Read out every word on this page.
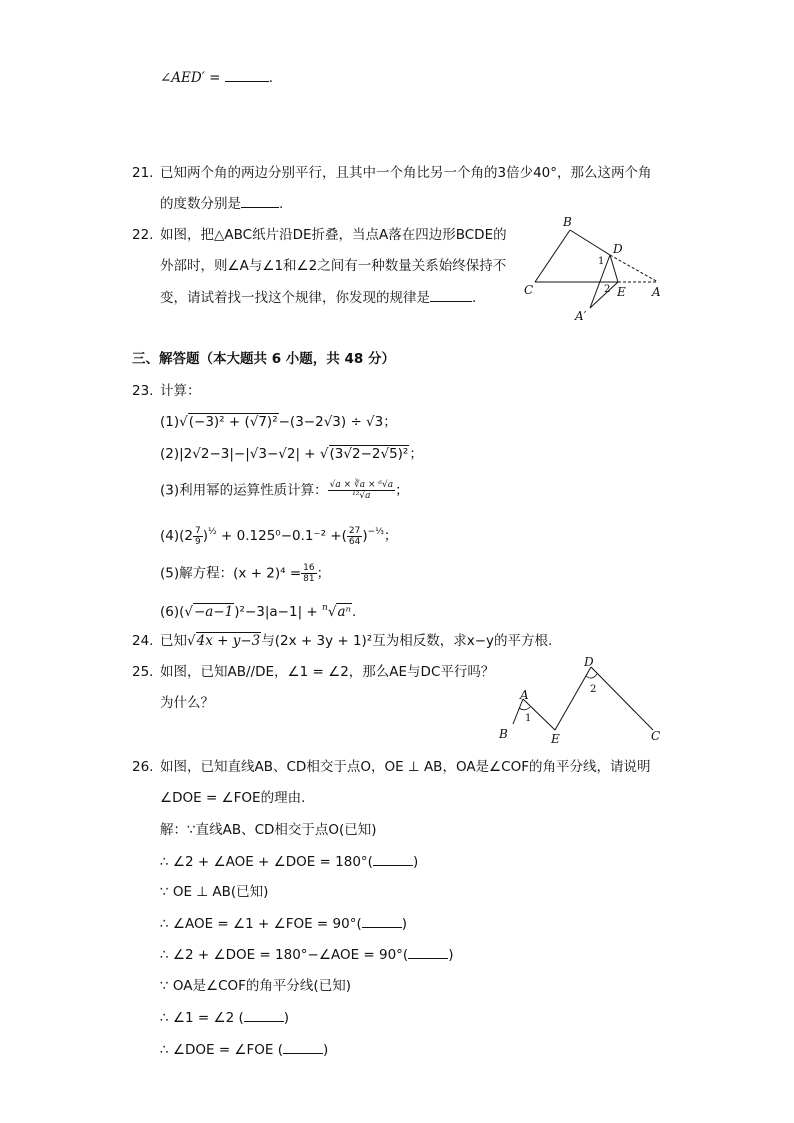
∠AED′ =	.
21. 已知两个角的两边分别平行，且其中一个角比另一个角的3倍少40°，那么这两个角
的度数分别是	.
22. 如图，把△ABC纸片沿DE折叠，当点A落在四边形BCDE的
外部时，则∠A与∠1和∠2之间有一种数量关系始终保持不
变，请试着找一找这个规律，你发现的规律是	.
B
C
D
E A
A′
1
2
三、解答题（本大题共 6 小题，共 48 分）
23. 计算：
(1)√(−3)² + (√7)²−(3−2√3) ÷ √3；
(2)|2√2−3|−|√3−√2| + √(3√2−2√5)²；
(3)利用幂的运算性质计算： $\frac{\text{√a × ∛a × ⁶√a}}{\text{¹²√a}}$ ；
$(4)(2 \frac{7}{9} )^{\frac{1}{2}} + 0.125^0-0.1^{-2}$ +( $\frac{27}{64} )^{-\frac{1}{3}}$；
(5)解方程：$(x + 2)^4 = \frac{16}{81}$ ；
(6)(√−a−1)²−3|a−1| + $^n$√aⁿ.
24. 已知√4x + y−3与(2x + 3y + 1)²互为相反数，求x−y的平方根.
25. 如图，已知AB//DE，∠1 = ∠2，那么AE与DC平行吗？
为什么？	A
B	E
D
C
1
2
26. 如图，已知直线AB、CD相交于点O，OE ⊥ AB，OA是∠COF的角平分线，请说明
∠DOE = ∠FOE的理由.
解：∵直线AB、CD相交于点O(已知)
∴ ∠2 + ∠AOE + ∠DOE = 180°(	)
∵ OE ⊥ AB(已知)
∴ ∠AOE = ∠1 + ∠FOE = 90°(	)
∴ ∠2 + ∠DOE = 180°−∠AOE = 90°(	)
∵ OA是∠COF的角平分线(已知)
∴ ∠1 = ∠2 (	)
∴ ∠DOE = ∠FOE (	)
